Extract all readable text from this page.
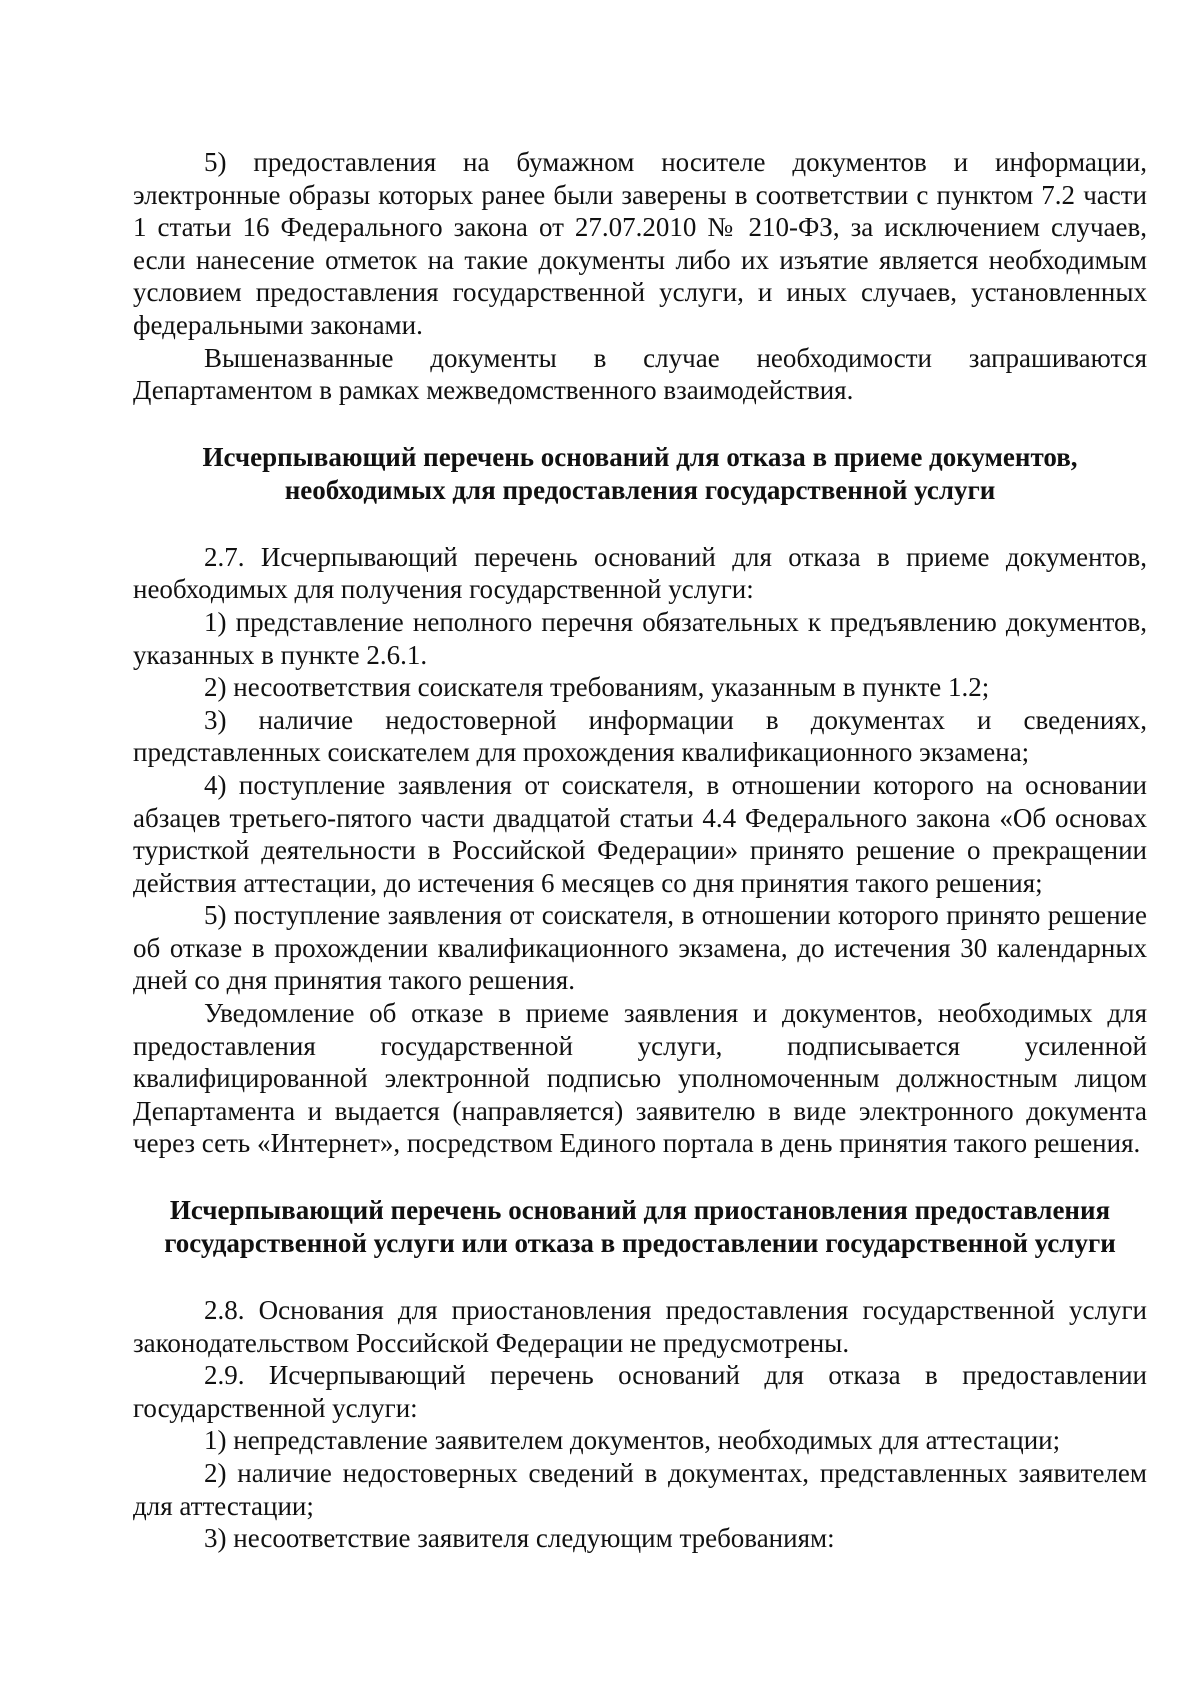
5) предоставления на бумажном носителе документов и информации, электронные образы которых ранее были заверены в соответствии с пунктом 7.2 части 1 статьи 16 Федерального закона от 27.07.2010 № 210-ФЗ, за исключением случаев, если нанесение отметок на такие документы либо их изъятие является необходимым условием предоставления государственной услуги, и иных случаев, установленных федеральными законами.

Вышеназванные документы в случае необходимости запрашиваются Департаментом в рамках межведомственного взаимодействия.

Исчерпывающий перечень оснований для отказа в приеме документов,
необходимых для предоставления государственной услуги

2.7. Исчерпывающий перечень оснований для отказа в приеме документов, необходимых для получения государственной услуги:

1) представление неполного перечня обязательных к предъявлению документов, указанных в пункте 2.6.1.

2) несоответствия соискателя требованиям, указанным в пункте 1.2;

3) наличие недостоверной информации в документах и сведениях, представленных соискателем для прохождения квалификационного экзамена;

4) поступление заявления от соискателя, в отношении которого на основании абзацев третьего-пятого части двадцатой статьи 4.4 Федерального закона «Об основах туристкой деятельности в Российской Федерации» принято решение о прекращении действия аттестации, до истечения 6 месяцев со дня принятия такого решения;

5) поступление заявления от соискателя, в отношении которого принято решение об отказе в прохождении квалификационного экзамена, до истечения 30 календарных дней со дня принятия такого решения.

Уведомление об отказе в приеме заявления и документов, необходимых для предоставления государственной услуги, подписывается усиленной квалифицированной электронной подписью уполномоченным должностным лицом Департамента и выдается (направляется) заявителю в виде электронного документа через сеть «Интернет», посредством Единого портала в день принятия такого решения.

Исчерпывающий перечень оснований для приостановления предоставления
государственной услуги или отказа в предоставлении государственной услуги

2.8. Основания для приостановления предоставления государственной услуги законодательством Российской Федерации не предусмотрены.

2.9. Исчерпывающий перечень оснований для отказа в предоставлении государственной услуги:

1) непредставление заявителем документов, необходимых для аттестации;

2) наличие недостоверных сведений в документах, представленных заявителем для аттестации;

3) несоответствие заявителя следующим требованиям:
